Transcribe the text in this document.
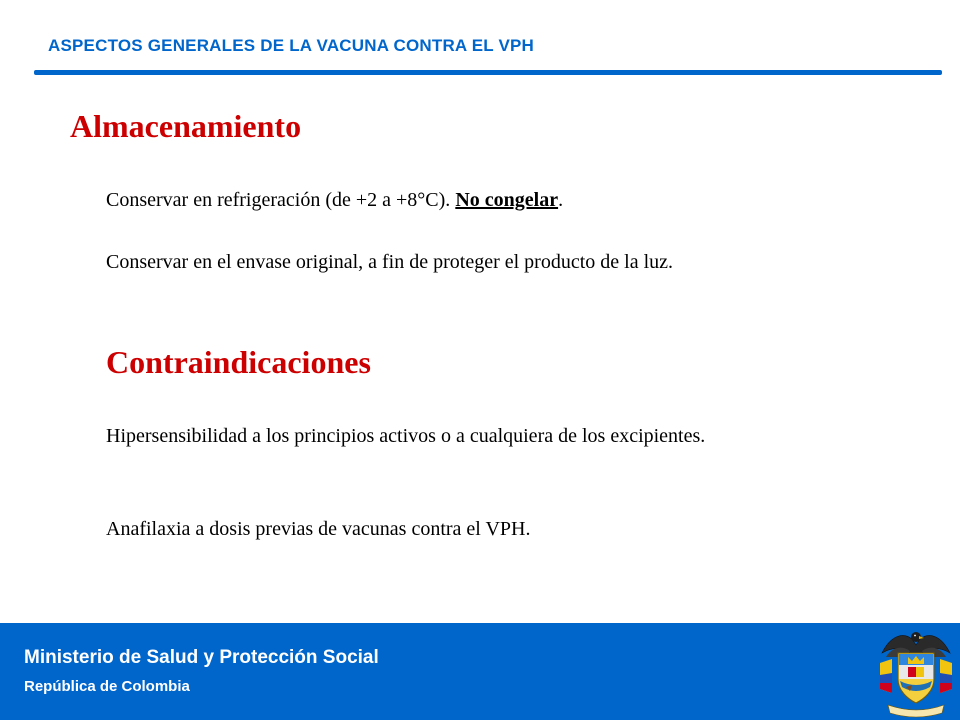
ASPECTOS GENERALES DE LA VACUNA CONTRA EL VPH
Almacenamiento
Conservar en refrigeración (de +2 a +8°C). No congelar.
Conservar en el envase original, a fin de proteger el producto de la luz.
Contraindicaciones
Hipersensibilidad a los principios activos o a cualquiera de los excipientes.
Anafilaxia a dosis previas de vacunas contra el VPH.
Ministerio de Salud y Protección Social
República de Colombia
